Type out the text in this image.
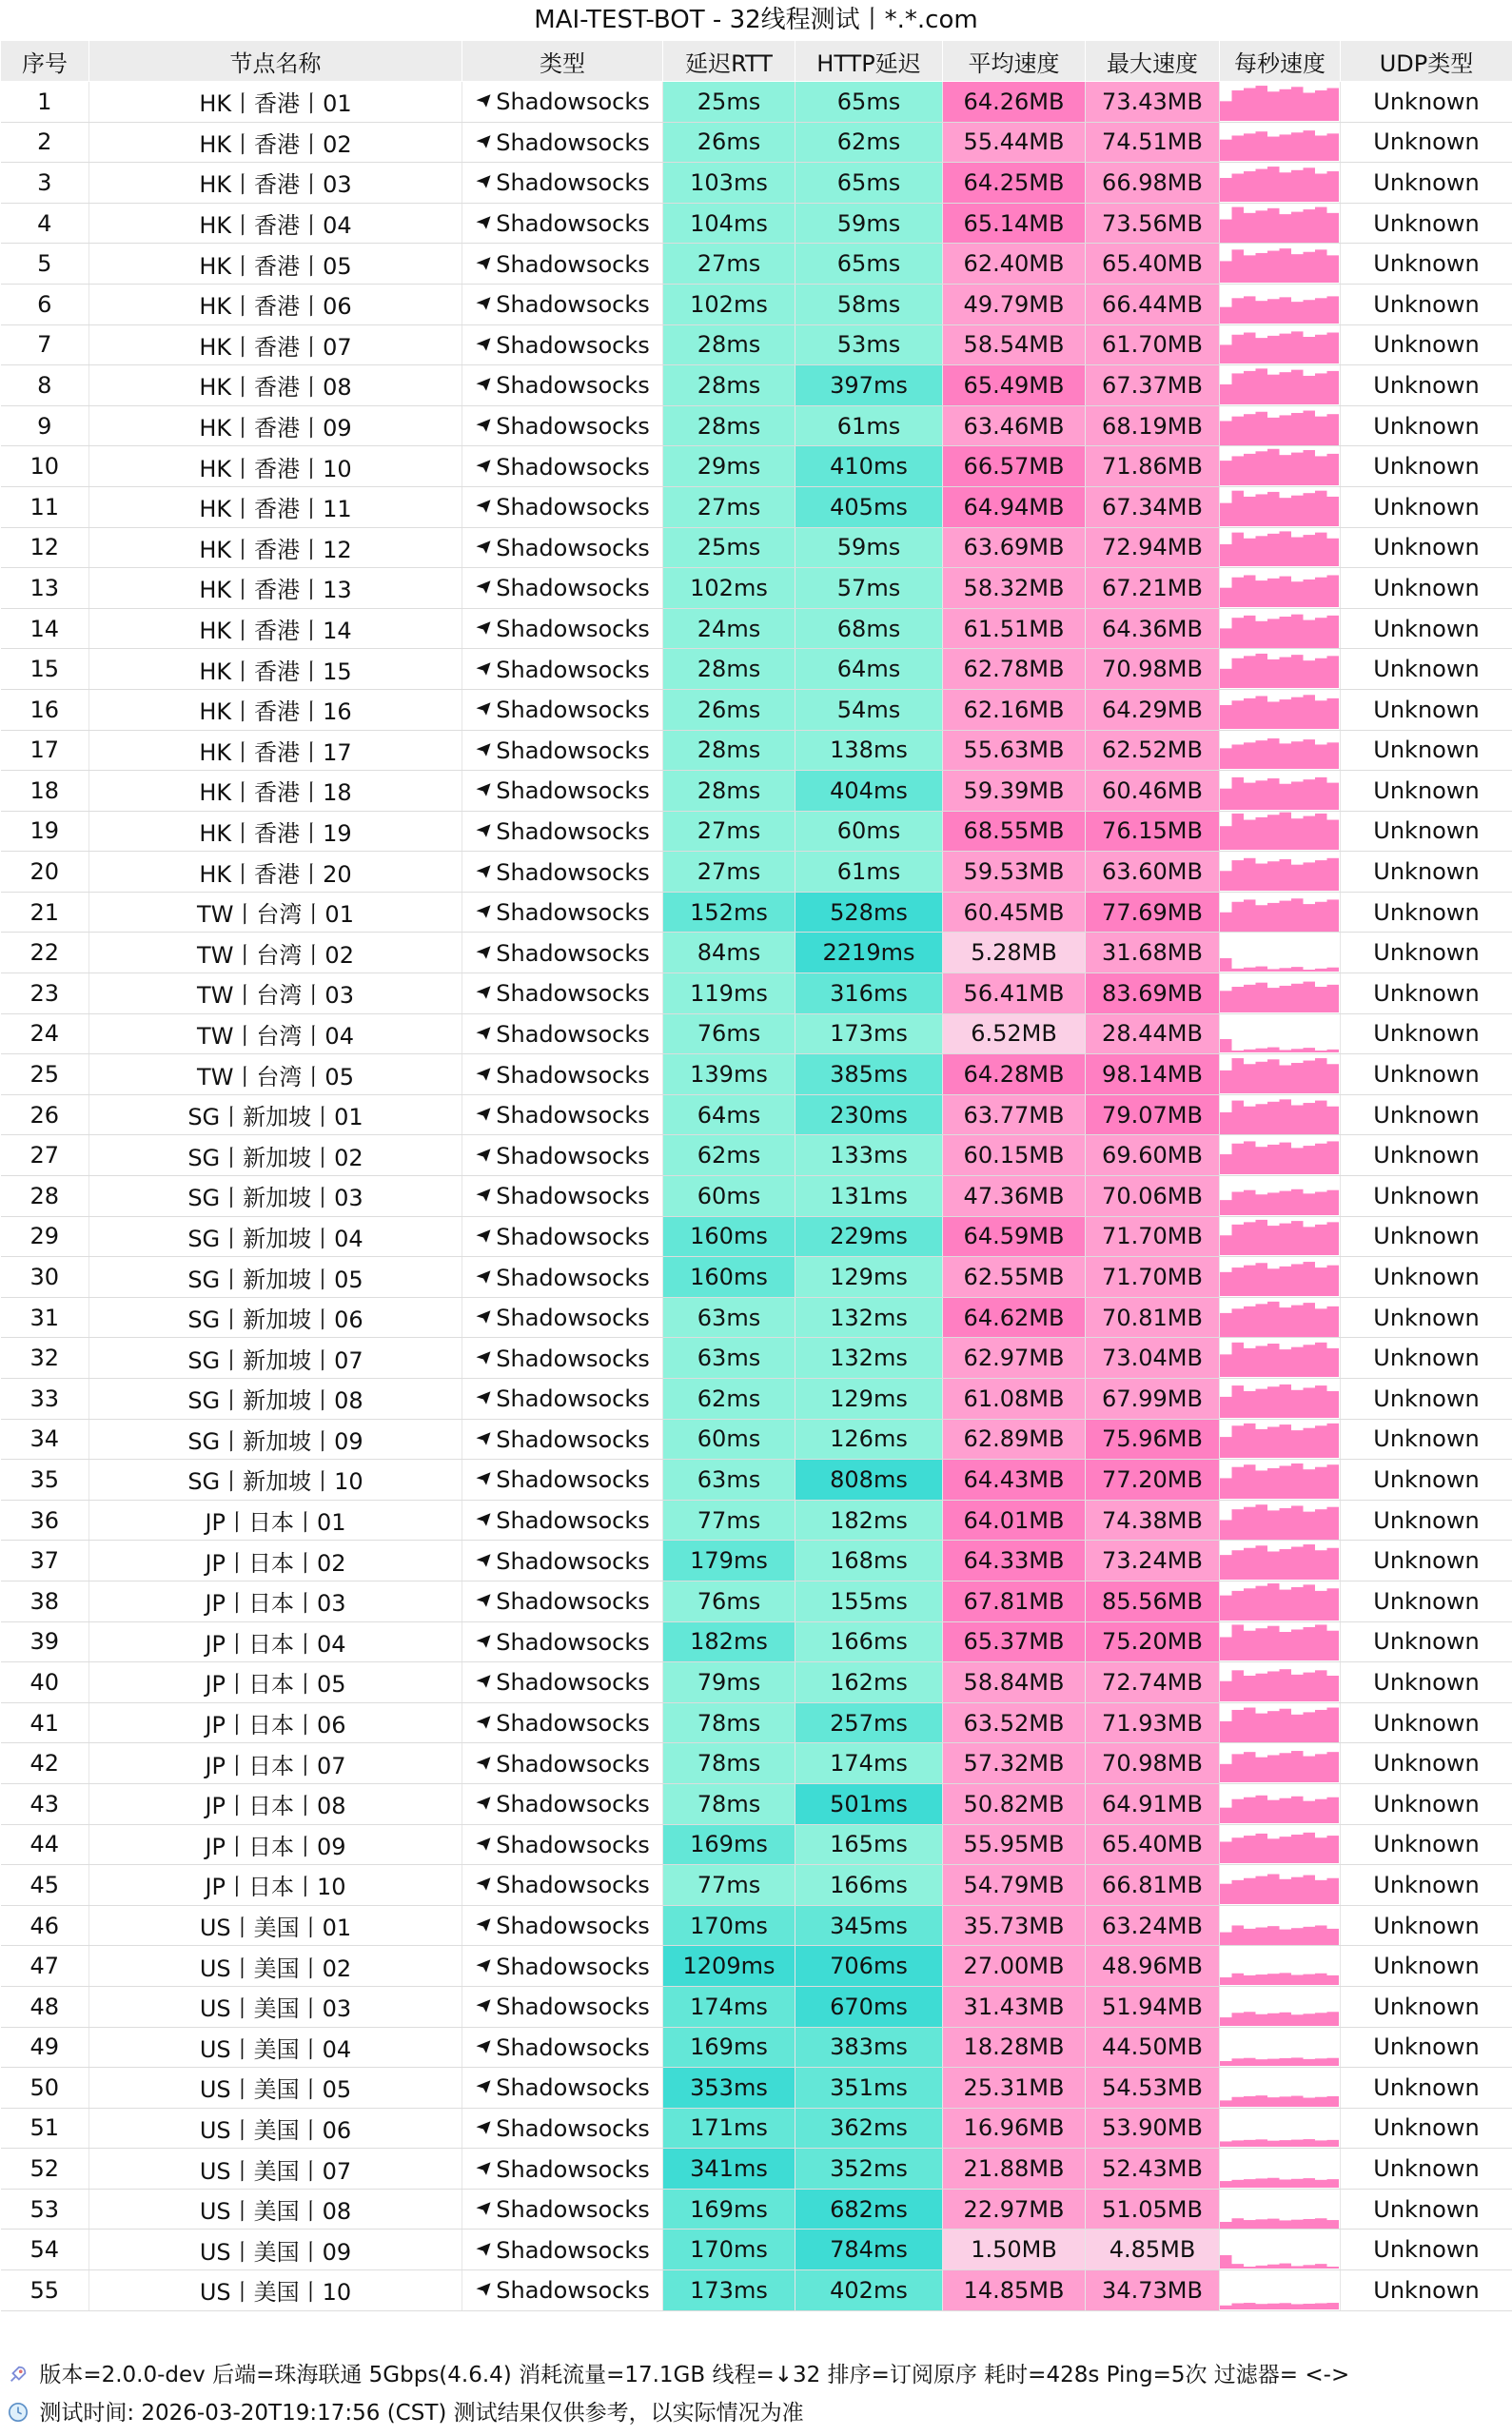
MAI-TEST-BOT - 32线程测试丨*.*.com
序号	节点名称	类型	延迟RTT	HTTP延迟	平均速度	最大速度	每秒速度	UDP类型
1	HK丨香港丨01	Shadowsocks	25ms	65ms	64.26MB	73.43MB		Unknown
2	HK丨香港丨02	Shadowsocks	26ms	62ms	55.44MB	74.51MB		Unknown
3	HK丨香港丨03	Shadowsocks	103ms	65ms	64.25MB	66.98MB		Unknown
4	HK丨香港丨04	Shadowsocks	104ms	59ms	65.14MB	73.56MB		Unknown
5	HK丨香港丨05	Shadowsocks	27ms	65ms	62.40MB	65.40MB		Unknown
6	HK丨香港丨06	Shadowsocks	102ms	58ms	49.79MB	66.44MB		Unknown
7	HK丨香港丨07	Shadowsocks	28ms	53ms	58.54MB	61.70MB		Unknown
8	HK丨香港丨08	Shadowsocks	28ms	397ms	65.49MB	67.37MB		Unknown
9	HK丨香港丨09	Shadowsocks	28ms	61ms	63.46MB	68.19MB		Unknown
10	HK丨香港丨10	Shadowsocks	29ms	410ms	66.57MB	71.86MB		Unknown
11	HK丨香港丨11	Shadowsocks	27ms	405ms	64.94MB	67.34MB		Unknown
12	HK丨香港丨12	Shadowsocks	25ms	59ms	63.69MB	72.94MB		Unknown
13	HK丨香港丨13	Shadowsocks	102ms	57ms	58.32MB	67.21MB		Unknown
14	HK丨香港丨14	Shadowsocks	24ms	68ms	61.51MB	64.36MB		Unknown
15	HK丨香港丨15	Shadowsocks	28ms	64ms	62.78MB	70.98MB		Unknown
16	HK丨香港丨16	Shadowsocks	26ms	54ms	62.16MB	64.29MB		Unknown
17	HK丨香港丨17	Shadowsocks	28ms	138ms	55.63MB	62.52MB		Unknown
18	HK丨香港丨18	Shadowsocks	28ms	404ms	59.39MB	60.46MB		Unknown
19	HK丨香港丨19	Shadowsocks	27ms	60ms	68.55MB	76.15MB		Unknown
20	HK丨香港丨20	Shadowsocks	27ms	61ms	59.53MB	63.60MB		Unknown
21	TW丨台湾丨01	Shadowsocks	152ms	528ms	60.45MB	77.69MB		Unknown
22	TW丨台湾丨02	Shadowsocks	84ms	2219ms	5.28MB	31.68MB		Unknown
23	TW丨台湾丨03	Shadowsocks	119ms	316ms	56.41MB	83.69MB		Unknown
24	TW丨台湾丨04	Shadowsocks	76ms	173ms	6.52MB	28.44MB		Unknown
25	TW丨台湾丨05	Shadowsocks	139ms	385ms	64.28MB	98.14MB		Unknown
26	SG丨新加坡丨01	Shadowsocks	64ms	230ms	63.77MB	79.07MB		Unknown
27	SG丨新加坡丨02	Shadowsocks	62ms	133ms	60.15MB	69.60MB		Unknown
28	SG丨新加坡丨03	Shadowsocks	60ms	131ms	47.36MB	70.06MB		Unknown
29	SG丨新加坡丨04	Shadowsocks	160ms	229ms	64.59MB	71.70MB		Unknown
30	SG丨新加坡丨05	Shadowsocks	160ms	129ms	62.55MB	71.70MB		Unknown
31	SG丨新加坡丨06	Shadowsocks	63ms	132ms	64.62MB	70.81MB		Unknown
32	SG丨新加坡丨07	Shadowsocks	63ms	132ms	62.97MB	73.04MB		Unknown
33	SG丨新加坡丨08	Shadowsocks	62ms	129ms	61.08MB	67.99MB		Unknown
34	SG丨新加坡丨09	Shadowsocks	60ms	126ms	62.89MB	75.96MB		Unknown
35	SG丨新加坡丨10	Shadowsocks	63ms	808ms	64.43MB	77.20MB		Unknown
36	JP丨日本丨01	Shadowsocks	77ms	182ms	64.01MB	74.38MB		Unknown
37	JP丨日本丨02	Shadowsocks	179ms	168ms	64.33MB	73.24MB		Unknown
38	JP丨日本丨03	Shadowsocks	76ms	155ms	67.81MB	85.56MB		Unknown
39	JP丨日本丨04	Shadowsocks	182ms	166ms	65.37MB	75.20MB		Unknown
40	JP丨日本丨05	Shadowsocks	79ms	162ms	58.84MB	72.74MB		Unknown
41	JP丨日本丨06	Shadowsocks	78ms	257ms	63.52MB	71.93MB		Unknown
42	JP丨日本丨07	Shadowsocks	78ms	174ms	57.32MB	70.98MB		Unknown
43	JP丨日本丨08	Shadowsocks	78ms	501ms	50.82MB	64.91MB		Unknown
44	JP丨日本丨09	Shadowsocks	169ms	165ms	55.95MB	65.40MB		Unknown
45	JP丨日本丨10	Shadowsocks	77ms	166ms	54.79MB	66.81MB		Unknown
46	US丨美国丨01	Shadowsocks	170ms	345ms	35.73MB	63.24MB		Unknown
47	US丨美国丨02	Shadowsocks	1209ms	706ms	27.00MB	48.96MB		Unknown
48	US丨美国丨03	Shadowsocks	174ms	670ms	31.43MB	51.94MB		Unknown
49	US丨美国丨04	Shadowsocks	169ms	383ms	18.28MB	44.50MB		Unknown
50	US丨美国丨05	Shadowsocks	353ms	351ms	25.31MB	54.53MB		Unknown
51	US丨美国丨06	Shadowsocks	171ms	362ms	16.96MB	53.90MB		Unknown
52	US丨美国丨07	Shadowsocks	341ms	352ms	21.88MB	52.43MB		Unknown
53	US丨美国丨08	Shadowsocks	169ms	682ms	22.97MB	51.05MB		Unknown
54	US丨美国丨09	Shadowsocks	170ms	784ms	1.50MB	4.85MB		Unknown
55	US丨美国丨10	Shadowsocks	173ms	402ms	14.85MB	34.73MB		Unknown
版本=2.0.0-dev 后端=珠海联通 5Gbps(4.6.4) 消耗流量=17.1GB 线程=↓32 排序=订阅原序 耗时=428s Ping=5次 过滤器= <->
测试时间: 2026-03-20T19:17:56 (CST) 测试结果仅供参考，以实际情况为准
